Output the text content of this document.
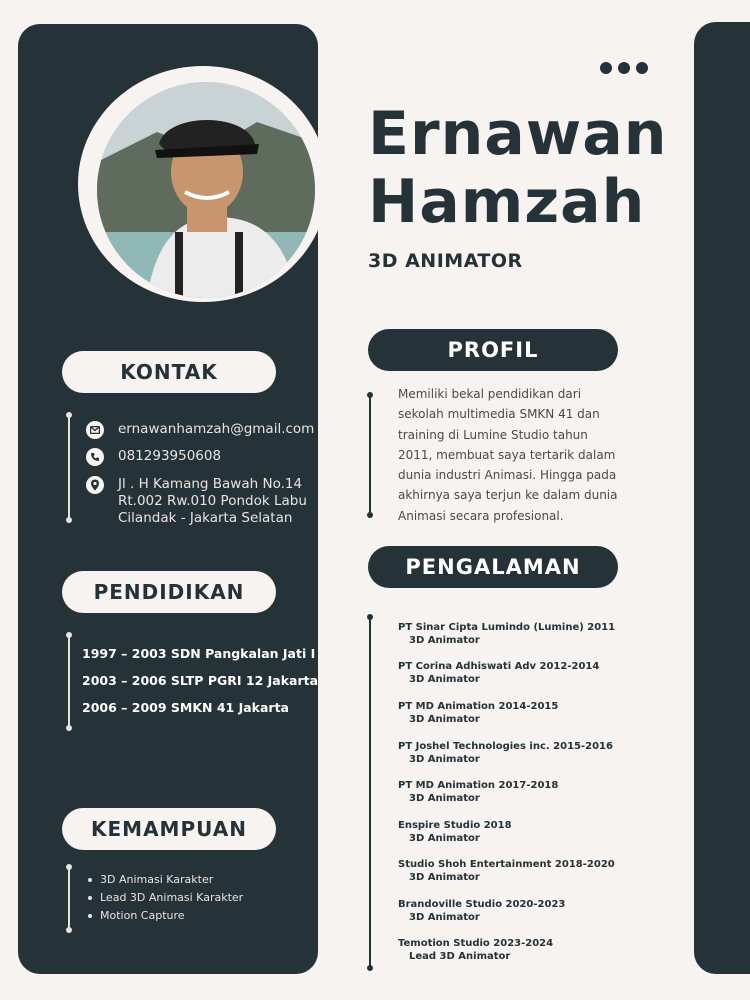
Ernawan
Hamzah
3D ANIMATOR
KONTAK
ernawanhamzah@gmail.com
081293950608
Jl . H Kamang Bawah No.14
Rt.002 Rw.010 Pondok Labu
Cilandak - Jakarta Selatan
PENDIDIKAN
1997 – 2003 SDN Pangkalan Jati I
2003 – 2006 SLTP PGRI 12 Jakarta
2006 – 2009 SMKN 41 Jakarta
KEMAMPUAN
3D Animasi Karakter
Lead 3D Animasi Karakter
Motion Capture
PROFIL
Memiliki bekal pendidikan dari sekolah multimedia SMKN 41 dan training di Lumine Studio tahun 2011, membuat saya tertarik dalam dunia industri Animasi. Hingga pada akhirnya saya terjun ke dalam dunia Animasi secara profesional.
PENGALAMAN
PT Sinar Cipta Lumindo (Lumine) 2011
3D Animator
PT Corina Adhiswati Adv 2012-2014
3D Animator
PT MD Animation 2014-2015
3D Animator
PT Joshel Technologies inc. 2015-2016
3D Animator
PT MD Animation 2017-2018
3D Animator
Enspire Studio 2018
3D Animator
Studio Shoh Entertainment 2018-2020
3D Animator
Brandoville Studio 2020-2023
3D Animator
Temotion Studio 2023-2024
Lead 3D Animator
